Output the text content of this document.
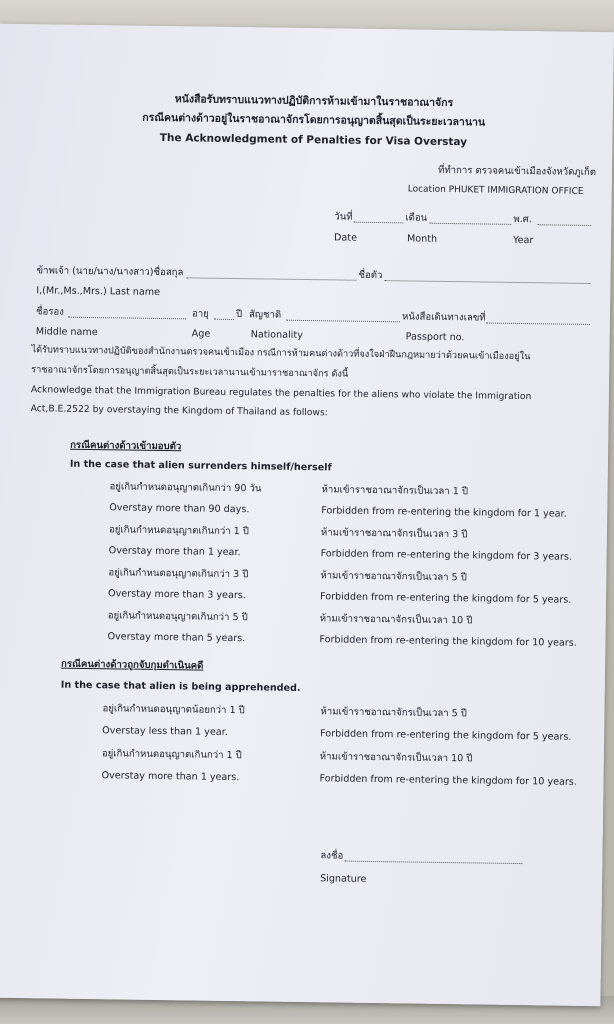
หนังสือรับทราบแนวทางปฏิบัติการห้ามเข้ามาในราชอาณาจักร
กรณีคนต่างด้าวอยู่ในราชอาณาจักรโดยการอนุญาตสิ้นสุดเป็นระยะเวลานาน
The Acknowledgment of Penalties for Visa Overstay
ที่ทำการ ตรวจคนเข้าเมืองจังหวัดภูเก็ต
Location PHUKET IMMIGRATION OFFICE
วันที่	เดือน	พ.ศ.
Date	Month	Year
ข้าพเจ้า (นาย/นาง/นางสาว)ชื่อสกุล	ชื่อตัว
I,(Mr.,Ms.,Mrs.) Last name
ชื่อรอง	อายุ	ปี สัญชาติ	หนังสือเดินทางเลขที่
Middle name	Age	Nationality	Passport no.
ได้รับทราบแนวทางปฏิบัติของสำนักงานตรวจคนเข้าเมือง กรณีการห้ามคนต่างด้าวที่จงใจฝ่าฝืนกฎหมายว่าด้วยคนเข้าเมืองอยู่ใน
ราชอาณาจักรโดยการอนุญาตสิ้นสุดเป็นระยะเวลานานเข้ามาราชอาณาจักร ดังนี้
Acknowledge that the Immigration Bureau regulates the penalties for the aliens who violate the Immigration
Act,B.E.2522 by overstaying the Kingdom of Thailand as follows:
กรณีคนต่างด้าวเข้ามอบตัว
In the case that alien surrenders himself/herself
อยู่เกินกำหนดอนุญาตเกินกว่า 90 วัน	ห้ามเข้าราชอาณาจักรเป็นเวลา 1 ปี
Overstay more than 90 days.	Forbidden from re-entering the kingdom for 1 year.
อยู่เกินกำหนดอนุญาตเกินกว่า 1 ปี	ห้ามเข้าราชอาณาจักรเป็นเวลา 3 ปี
Overstay more than 1 year.	Forbidden from re-entering the kingdom for 3 years.
อยู่เกินกำหนดอนุญาตเกินกว่า 3 ปี	ห้ามเข้าราชอาณาจักรเป็นเวลา 5 ปี
Overstay more than 3 years.	Forbidden from re-entering the kingdom for 5 years.
อยู่เกินกำหนดอนุญาตเกินกว่า 5 ปี	ห้ามเข้าราชอาณาจักรเป็นเวลา 10 ปี
Overstay more than 5 years.	Forbidden from re-entering the kingdom for 10 years.
กรณีคนต่างด้าวถูกจับกุมดำเนินคดี
In the case that alien is being apprehended.
อยู่เกินกำหนดอนุญาตน้อยกว่า 1 ปี	ห้ามเข้าราชอาณาจักรเป็นเวลา 5 ปี
Overstay less than 1 year.	Forbidden from re-entering the kingdom for 5 years.
อยู่เกินกำหนดอนุญาตเกินกว่า 1 ปี	ห้ามเข้าราชอาณาจักรเป็นเวลา 10 ปี
Overstay more than 1 years.	Forbidden from re-entering the kingdom for 10 years.
ลงชื่อ
Signature
